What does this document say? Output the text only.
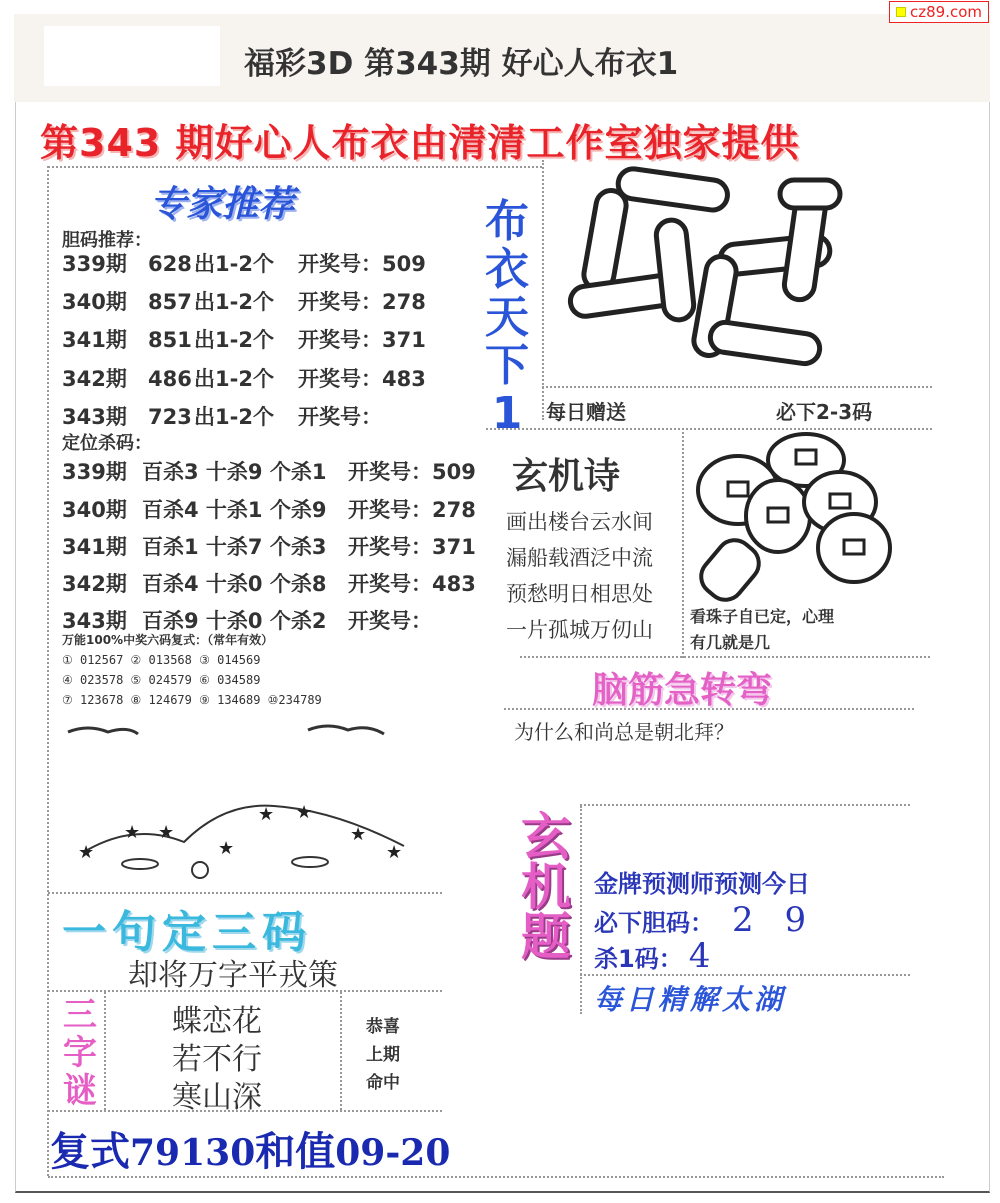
福彩3D 第343期 好心人布衣1
cz89.com
第343 期好心人布衣由清清工作室独家提供
专家推荐
胆码推荐：
339期 628 出1-2个 开奖号：509
340期 857 出1-2个 开奖号：278
341期 851 出1-2个 开奖号：371
342期 486 出1-2个 开奖号：483
343期 723 出1-2个 开奖号：
定位杀码：
339期 百杀3 十杀9 个杀1 开奖号：509
340期 百杀4 十杀1 个杀9 开奖号：278
341期 百杀1 十杀7 个杀3 开奖号：371
342期 百杀4 十杀0 个杀8 开奖号：483
343期 百杀9 十杀0 个杀2 开奖号：
万能100%中奖六码复式：（常年有效）
① 012567 ② 013568 ③ 014569
④ 023578 ⑤ 024579 ⑥ 034589
⑦ 123678 ⑧ 124679 ⑨ 134689 ⑩234789
★
★ ★
★
★ ★
★
★
布
衣
天
下
1	每日赠送	必下2-3码
玄机诗
画出楼台云水间
漏船载酒泛中流
预愁明日相思处
一片孤城万仞山
看珠子自已定，心理
有几就是几
脑筋急转弯
为什么和尚总是朝北拜？
玄
机
题
金牌预测师预测今日
必下胆码： 2 9
杀1码： 4
每日精解太湖
一句定三码
却将万字平戎策
三
字
谜
蝶恋花
若不行
寒山深
恭喜
上期
命中
复式79130和值09-20
